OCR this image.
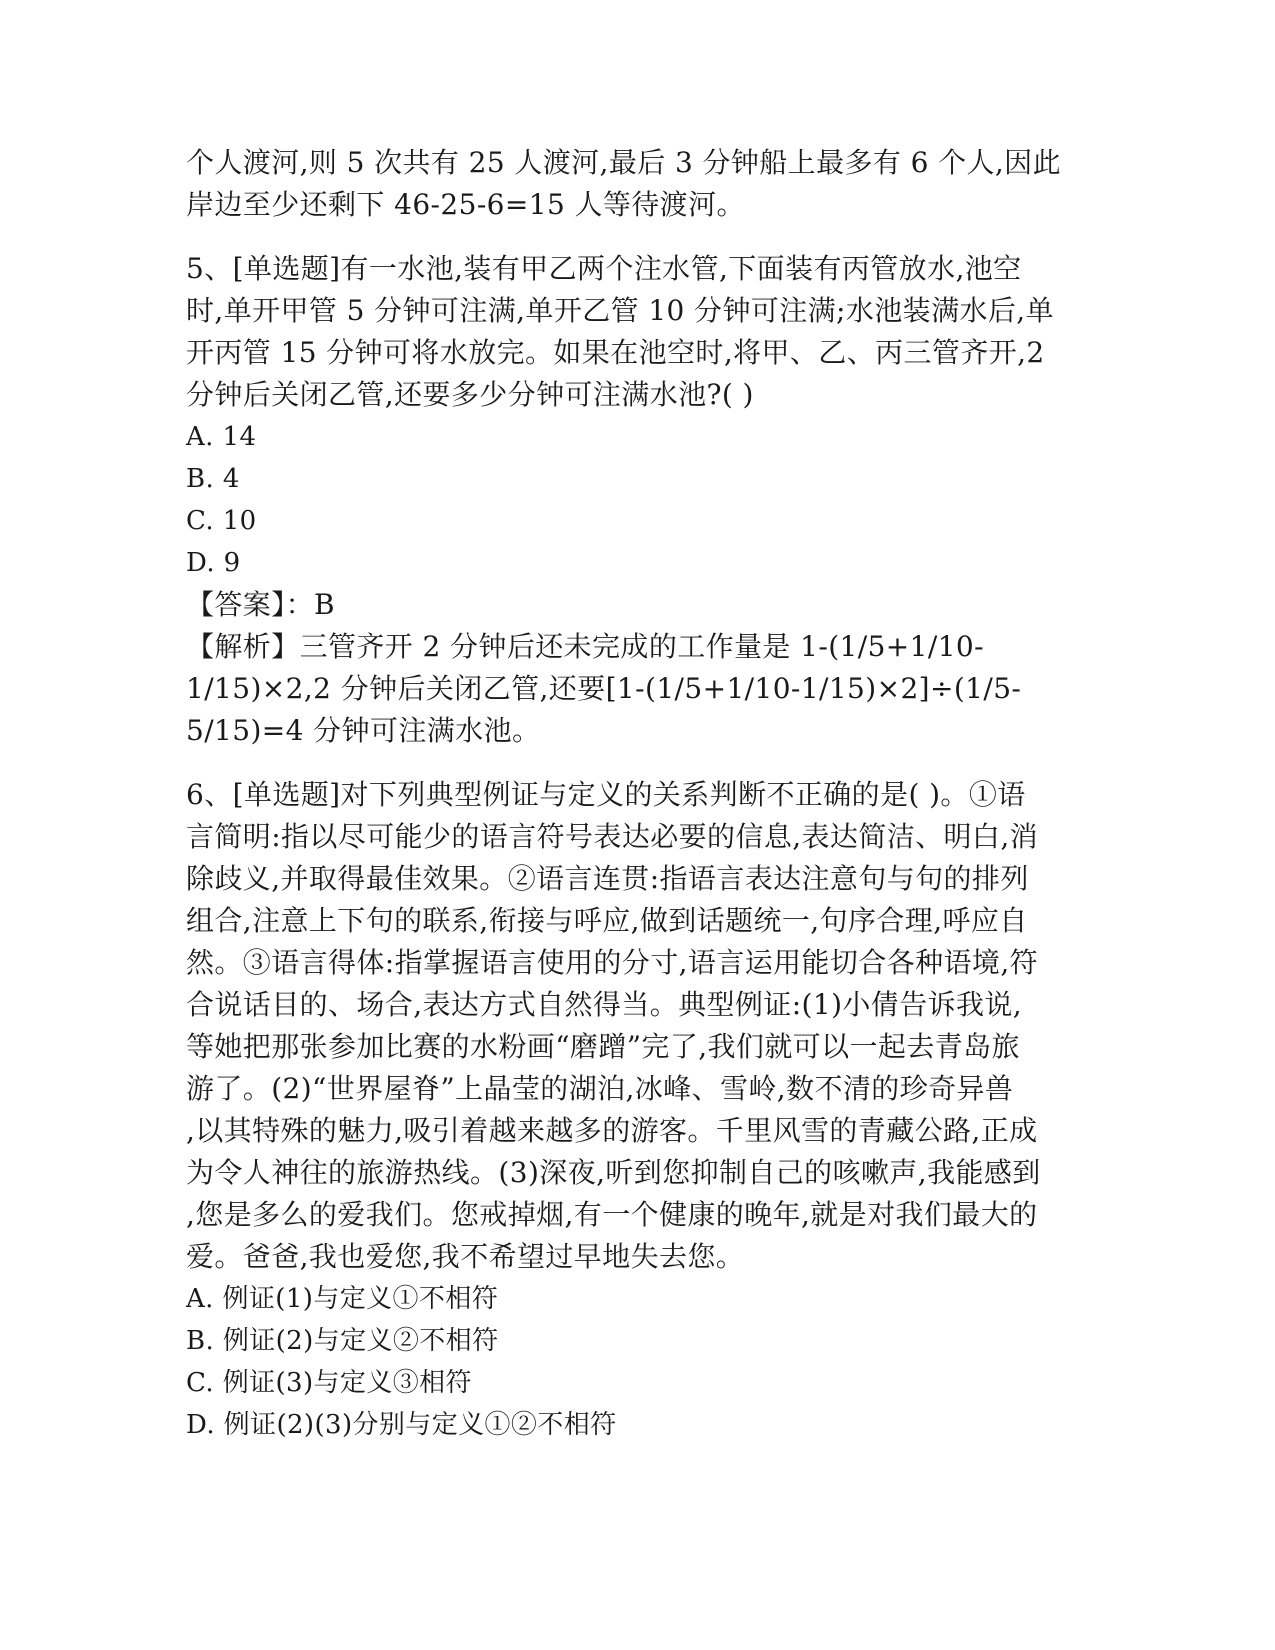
个人渡河,则 5 次共有 25 人渡河,最后 3 分钟船上最多有 6 个人,因此
岸边至少还剩下 46-25-6=15 人等待渡河。
5、[单选题]有一水池,装有甲乙两个注水管,下面装有丙管放水,池空
时,单开甲管 5 分钟可注满,单开乙管 10 分钟可注满;水池装满水后,单
开丙管 15 分钟可将水放完。如果在池空时,将甲、乙、丙三管齐开,2
分钟后关闭乙管,还要多少分钟可注满水池?( )
A. 14
B. 4
C. 10
D. 9
【答案】：B
【解析】三管齐开 2 分钟后还未完成的工作量是 1-(1/5+1/10-
1/15)×2,2 分钟后关闭乙管,还要[1-(1/5+1/10-1/15)×2]÷(1/5-
5/15)=4 分钟可注满水池。
6、[单选题]对下列典型例证与定义的关系判断不正确的是( )。①语
言简明:指以尽可能少的语言符号表达必要的信息,表达简洁、明白,消
除歧义,并取得最佳效果。②语言连贯:指语言表达注意句与句的排列
组合,注意上下句的联系,衔接与呼应,做到话题统一,句序合理,呼应自
然。③语言得体:指掌握语言使用的分寸,语言运用能切合各种语境,符
合说话目的、场合,表达方式自然得当。典型例证:(1)小倩告诉我说,
等她把那张参加比赛的水粉画“磨蹭”完了,我们就可以一起去青岛旅
游了。(2)“世界屋脊”上晶莹的湖泊,冰峰、雪岭,数不清的珍奇异兽
,以其特殊的魅力,吸引着越来越多的游客。千里风雪的青藏公路,正成
为令人神往的旅游热线。(3)深夜,听到您抑制自己的咳嗽声,我能感到
,您是多么的爱我们。您戒掉烟,有一个健康的晚年,就是对我们最大的
爱。爸爸,我也爱您,我不希望过早地失去您。
A. 例证(1)与定义①不相符
B. 例证(2)与定义②不相符
C. 例证(3)与定义③相符
D. 例证(2)(3)分别与定义①②不相符
